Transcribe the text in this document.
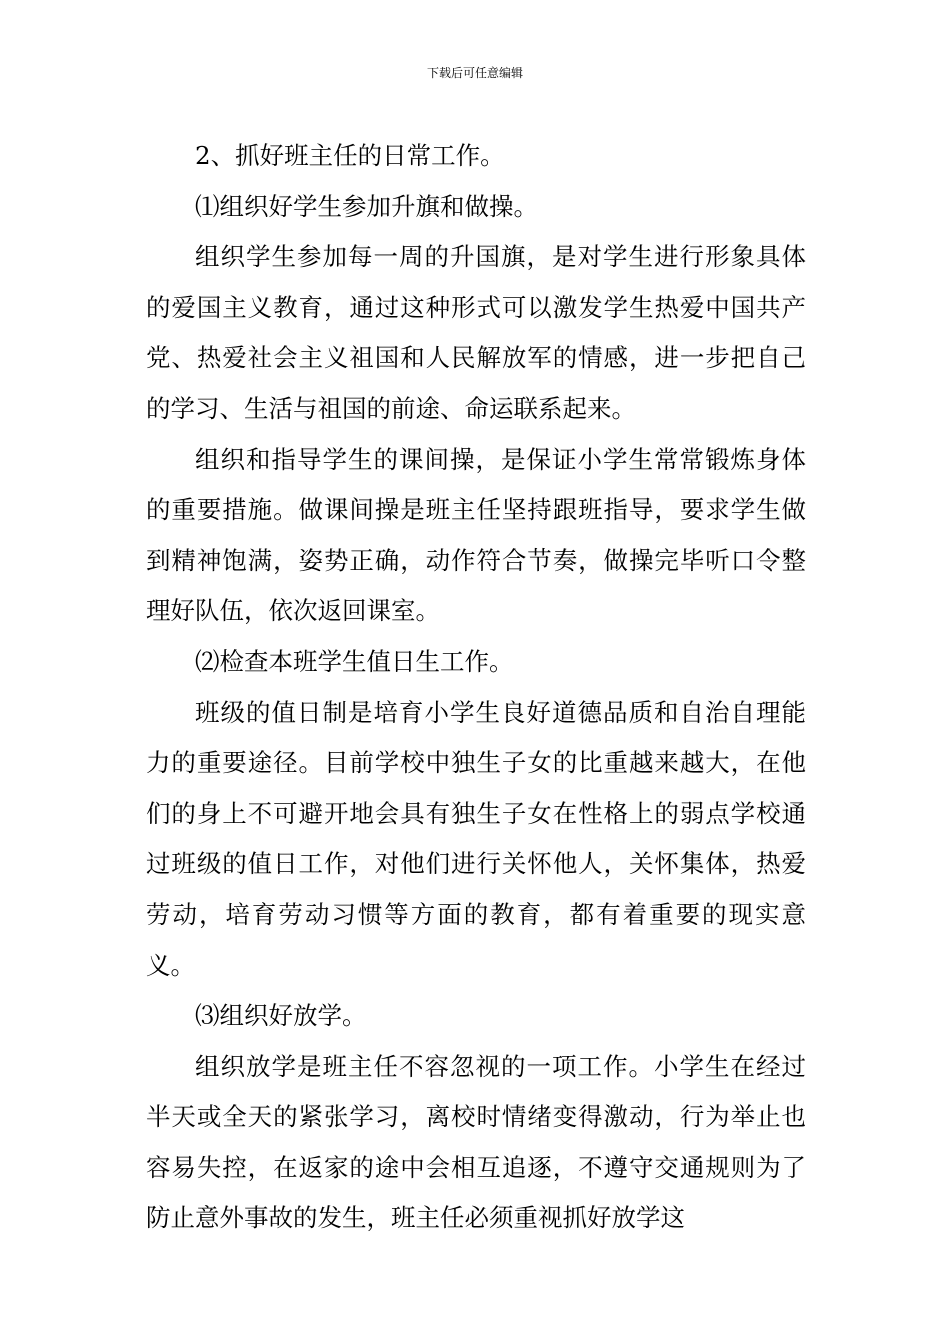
下载后可任意编辑

2、抓好班主任的日常工作。

⑴组织好学生参加升旗和做操。

组织学生参加每一周的升国旗，是对学生进行形象具体的爱国主义教育，通过这种形式可以激发学生热爱中国共产党、热爱社会主义祖国和人民解放军的情感，进一步把自己的学习、生活与祖国的前途、命运联系起来。

组织和指导学生的课间操，是保证小学生常常锻炼身体的重要措施。做课间操是班主任坚持跟班指导，要求学生做到精神饱满，姿势正确，动作符合节奏，做操完毕听口令整理好队伍，依次返回课室。

⑵检查本班学生值日生工作。

班级的值日制是培育小学生良好道德品质和自治自理能力的重要途径。目前学校中独生子女的比重越来越大，在他们的身上不可避开地会具有独生子女在性格上的弱点学校通过班级的值日工作，对他们进行关怀他人，关怀集体，热爱劳动，培育劳动习惯等方面的教育，都有着重要的现实意义。

⑶组织好放学。

组织放学是班主任不容忽视的一项工作。小学生在经过半天或全天的紧张学习，离校时情绪变得激动，行为举止也容易失控，在返家的途中会相互追逐，不遵守交通规则为了防止意外事故的发生，班主任必须重视抓好放学这
